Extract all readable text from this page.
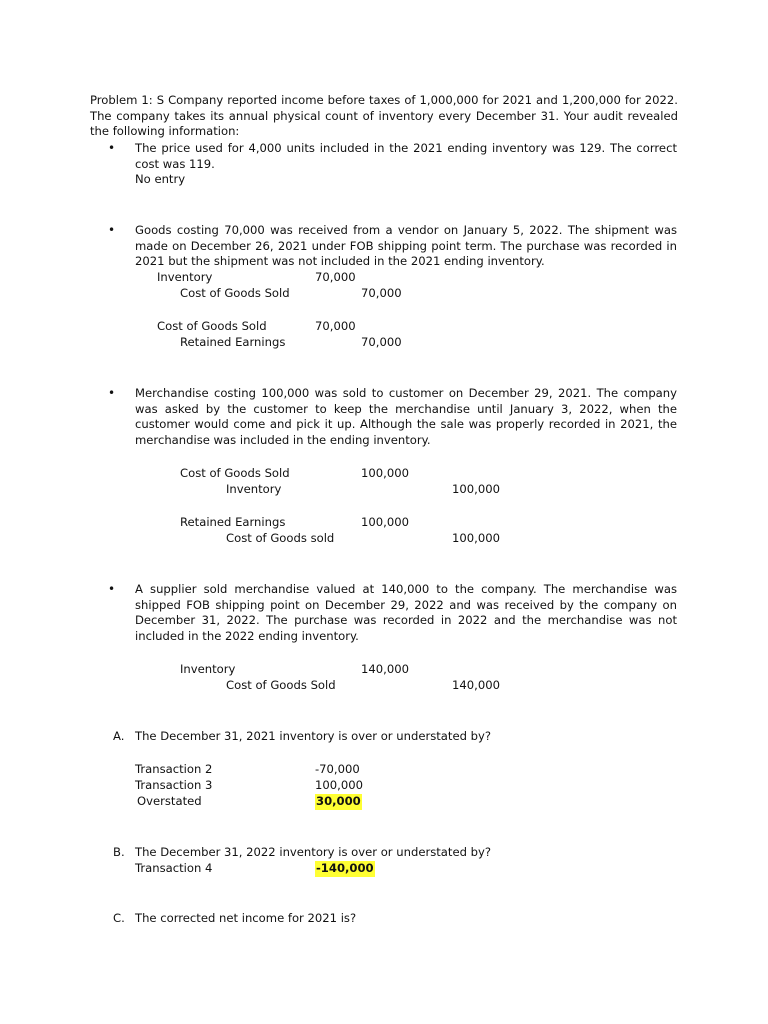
Problem 1: S Company reported income before taxes of 1,000,000 for 2021 and 1,200,000 for 2022. The company takes its annual physical count of inventory every December 31. Your audit revealed the following information:
• The price used for 4,000 units included in the 2021 ending inventory was 129. The correct cost was 119.
No entry
• Goods costing 70,000 was received from a vendor on January 5, 2022. The shipment was made on December 26, 2021 under FOB shipping point term. The purchase was recorded in 2021 but the shipment was not included in the 2021 ending inventory.
Inventory	70,000
Cost of Goods Sold	70,000
Cost of Goods Sold	70,000
Retained Earnings	70,000
• Merchandise costing 100,000 was sold to customer on December 29, 2021. The company was asked by the customer to keep the merchandise until January 3, 2022, when the customer would come and pick it up. Although the sale was properly recorded in 2021, the merchandise was included in the ending inventory.
Cost of Goods Sold	100,000
Inventory	100,000
Retained Earnings	100,000
Cost of Goods sold	100,000
• A supplier sold merchandise valued at 140,000 to the company. The merchandise was shipped FOB shipping point on December 29, 2022 and was received by the company on December 31, 2022. The purchase was recorded in 2022 and the merchandise was not included in the 2022 ending inventory.
Inventory	140,000
Cost of Goods Sold	140,000
A. The December 31, 2021 inventory is over or understated by?
Transaction 2	-70,000
Transaction 3	100,000
Overstated	30,000
B. The December 31, 2022 inventory is over or understated by?
Transaction 4	-140,000
C. The corrected net income for 2021 is?
